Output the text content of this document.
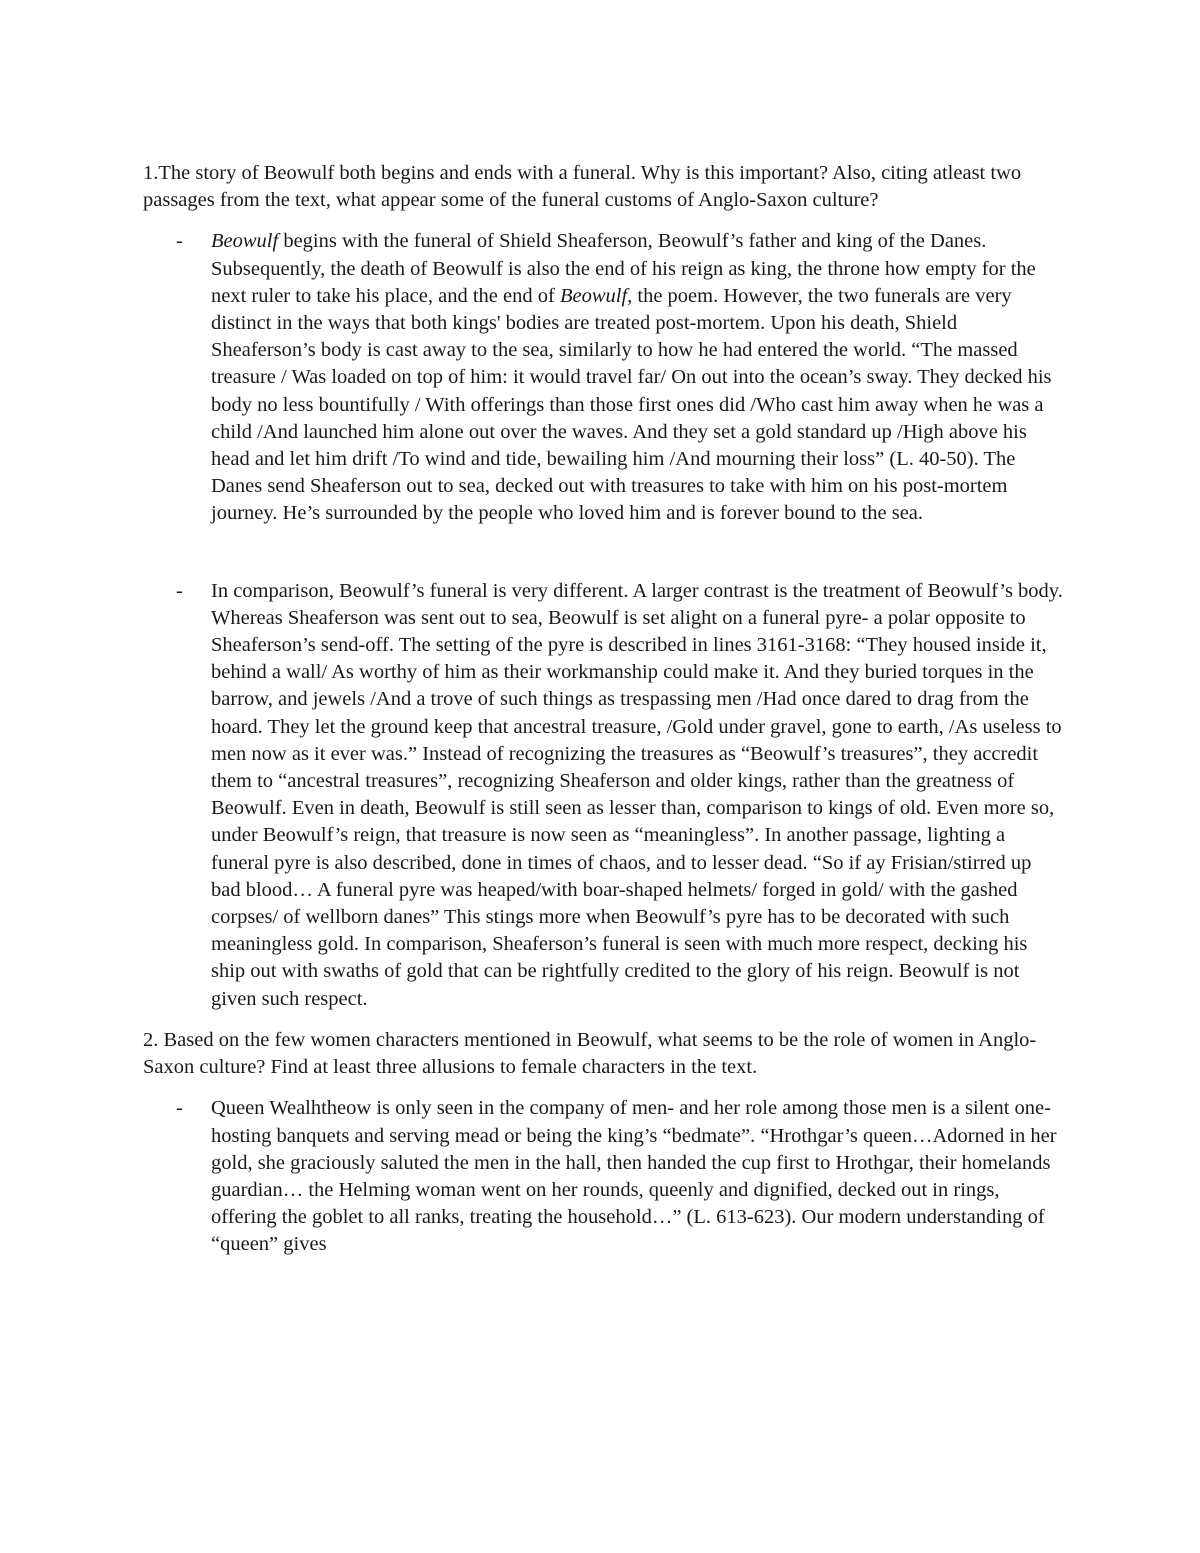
1.The story of Beowulf both begins and ends with a funeral. Why is this important? Also, citing atleast two passages from the text, what appear some of the funeral customs of Anglo-Saxon culture?

- Beowulf begins with the funeral of Shield Sheaferson, Beowulf’s father and king of the Danes. Subsequently, the death of Beowulf is also the end of his reign as king, the throne how empty for the next ruler to take his place, and the end of Beowulf, the poem. However, the two funerals are very distinct in the ways that both kings' bodies are treated post-mortem. Upon his death, Shield Sheaferson’s body is cast away to the sea, similarly to how he had entered the world. “The massed treasure / Was loaded on top of him: it would travel far/ On out into the ocean’s sway. They decked his body no less bountifully / With offerings than those first ones did /Who cast him away when he was a child /And launched him alone out over the waves. And they set a gold standard up /High above his head and let him drift /To wind and tide, bewailing him /And mourning their loss” (L. 40-50). The Danes send Sheaferson out to sea, decked out with treasures to take with him on his post-mortem journey. He’s surrounded by the people who loved him and is forever bound to the sea.

- In comparison, Beowulf’s funeral is very different. A larger contrast is the treatment of Beowulf’s body. Whereas Sheaferson was sent out to sea, Beowulf is set alight on a funeral pyre- a polar opposite to Sheaferson’s send-off. The setting of the pyre is described in lines 3161-3168: “They housed inside it, behind a wall/ As worthy of him as their workmanship could make it. And they buried torques in the barrow, and jewels /And a trove of such things as trespassing men /Had once dared to drag from the hoard. They let the ground keep that ancestral treasure, /Gold under gravel, gone to earth, /As useless to men now as it ever was.” Instead of recognizing the treasures as “Beowulf’s treasures”, they accredit them to “ancestral treasures”, recognizing Sheaferson and older kings, rather than the greatness of Beowulf. Even in death, Beowulf is still seen as lesser than, comparison to kings of old. Even more so, under Beowulf’s reign, that treasure is now seen as “meaningless”. In another passage, lighting a funeral pyre is also described, done in times of chaos, and to lesser dead. “So if ay Frisian/stirred up bad blood… A funeral pyre was heaped/with boar-shaped helmets/ forged in gold/ with the gashed corpses/ of wellborn danes” This stings more when Beowulf’s pyre has to be decorated with such meaningless gold. In comparison, Sheaferson’s funeral is seen with much more respect, decking his ship out with swaths of gold that can be rightfully credited to the glory of his reign. Beowulf is not given such respect.

2. Based on the few women characters mentioned in Beowulf, what seems to be the role of women in Anglo-Saxon culture? Find at least three allusions to female characters in the text.

- Queen Wealhtheow is only seen in the company of men- and her role among those men is a silent one- hosting banquets and serving mead or being the king’s “bedmate”. “Hrothgar’s queen…Adorned in her gold, she graciously saluted the men in the hall, then handed the cup first to Hrothgar, their homelands guardian… the Helming woman went on her rounds, queenly and dignified, decked out in rings, offering the goblet to all ranks, treating the household…” (L. 613-623). Our modern understanding of “queen” gives
